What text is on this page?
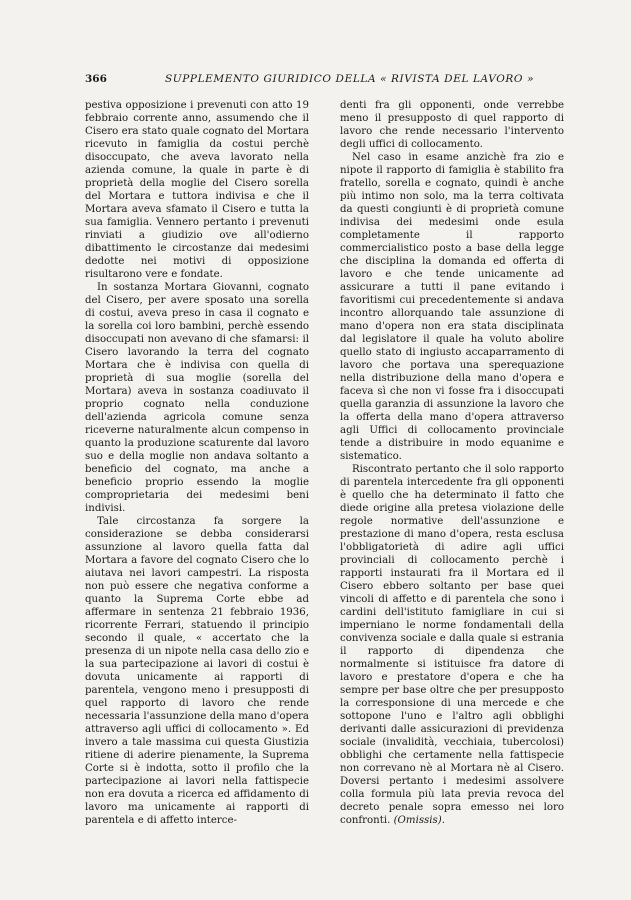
366	SUPPLEMENTO GIURIDICO DELLA « RIVISTA DEL LAVORO »

pestiva opposizione i prevenuti con atto 19 febbraio corrente anno, assumendo che il Cisero era stato quale cognato del Mortara ricevuto in famiglia da costui perchè disoccupato, che aveva lavorato nella azienda comune, la quale in parte è di proprietà della moglie del Cisero sorella del Mortara e tuttora indivisa e che il Mortara aveva sfamato il Cisero e tutta la sua famiglia. Vennero pertanto i prevenuti rinviati a giudizio ove all'odierno dibattimento le circostanze dai medesimi dedotte nei motivi di opposizione risultarono vere e fondate.

In sostanza Mortara Giovanni, cognato del Cisero, per avere sposato una sorella di costui, aveva preso in casa il cognato e la sorella coi loro bambini, perchè essendo disoccupati non avevano di che sfamarsi: il Cisero lavorando la terra del cognato Mortara che è indivisa con quella di proprietà di sua moglie (sorella del Mortara) aveva in sostanza coadiuvato il proprio cognato nella conduzione dell'azienda agricola comune senza riceverne naturalmente alcun compenso in quanto la produzione scaturente dal lavoro suo e della moglie non andava soltanto a beneficio del cognato, ma anche a beneficio proprio essendo la moglie comproprietaria dei medesimi beni indivisi.

Tale circostanza fa sorgere la considerazione se debba considerarsi assunzione al lavoro quella fatta dal Mortara a favore del cognato Cisero che lo aiutava nei lavori campestri. La risposta non può essere che negativa conforme a quanto la Suprema Corte ebbe ad affermare in sentenza 21 febbraio 1936, ricorrente Ferrari, statuendo il principio secondo il quale, « accertato che la presenza di un nipote nella casa dello zio e la sua partecipazione ai lavori di costui è dovuta unicamente ai rapporti di parentela, vengono meno i presupposti di quel rapporto di lavoro che rende necessaria l'assunzione della mano d'opera attraverso agli uffici di collocamento ». Ed invero a tale massima cui questa Giustizia ritiene di aderire pienamente, la Suprema Corte si è indotta, sotto il profilo che la partecipazione ai lavori nella fattispecie non era dovuta a ricerca ed affidamento di lavoro ma unicamente ai rapporti di parentela e di affetto interce-

denti fra gli opponenti, onde verrebbe meno il presupposto di quel rapporto di lavoro che rende necessario l'intervento degli uffici di collocamento.

Nel caso in esame anzichè fra zio e nipote il rapporto di famiglia è stabilito fra fratello, sorella e cognato, quindi è anche più intimo non solo, ma la terra coltivata da questi congiunti è di proprietà comune indivisa dei medesimi onde esula completamente il rapporto commercialistico posto a base della legge che disciplina la domanda ed offerta di lavoro e che tende unicamente ad assicurare a tutti il pane evitando i favoritismi cui precedentemente si andava incontro allorquando tale assunzione di mano d'opera non era stata disciplinata dal legislatore il quale ha voluto abolire quello stato di ingiusto accaparramento di lavoro che portava una sperequazione nella distribuzione della mano d'opera e faceva sì che non vi fosse fra i disoccupati quella garanzia di assunzione la lavoro che la offerta della mano d'opera attraverso agli Uffici di collocamento provinciale tende a distribuire in modo equanime e sistematico.

Riscontrato pertanto che il solo rapporto di parentela intercedente fra gli opponenti è quello che ha determinato il fatto che diede origine alla pretesa violazione delle regole normative dell'assunzione e prestazione di mano d'opera, resta esclusa l'obbligatorietà di adire agli uffici provinciali di collocamento perchè i rapporti instaurati fra il Mortara ed il Cisero ebbero soltanto per base quei vincoli di affetto e di parentela che sono i cardini dell'istituto famigliare in cui si imperniano le norme fondamentali della convivenza sociale e dalla quale si estrania il rapporto di dipendenza che normalmente si istituisce fra datore di lavoro e prestatore d'opera e che ha sempre per base oltre che per presupposto la corresponsione di una mercede e che sottopone l'uno e l'altro agli obblighi derivanti dalle assicurazioni di previdenza sociale (invalidità, vecchiaia, tubercolosi) obblighi che certamente nella fattispecie non correvano nè al Mortara nè al Cisero. Doversi pertanto i medesimi assolvere colla formula più lata previa revoca del decreto penale sopra emesso nei loro confronti. (Omissis).
